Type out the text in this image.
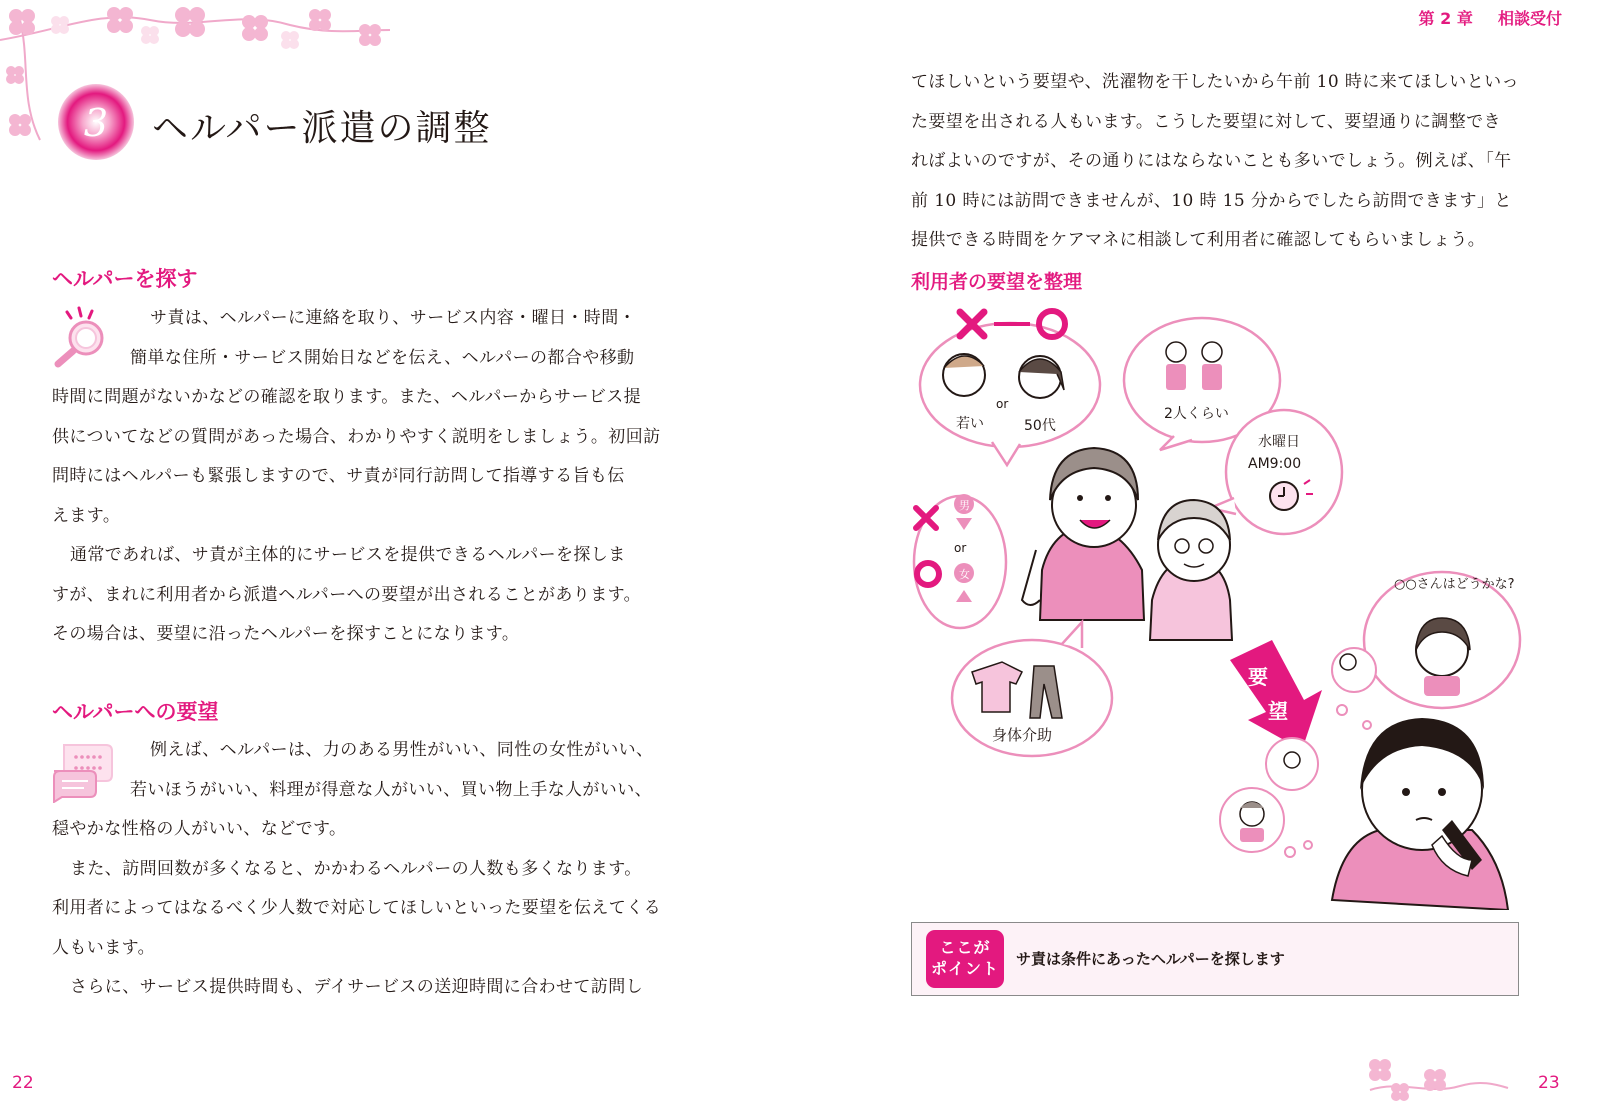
3 ヘルパー派遣の調整
ヘルパーを探す
サ責は、ヘルパーに連絡を取り、サービス内容・曜日・時間・
簡単な住所・サービス開始日などを伝え、ヘルパーの都合や移動
時間に問題がないかなどの確認を取ります。また、ヘルパーからサービス提
供についてなどの質問があった場合、わかりやすく説明をしましょう。初回訪
問時にはヘルパーも緊張しますので、サ責が同行訪問して指導する旨も伝
えます。
通常であれば、サ責が主体的にサービスを提供できるヘルパーを探しま
すが、まれに利用者から派遣ヘルパーへの要望が出されることがあります。
その場合は、要望に沿ったヘルパーを探すことになります。
ヘルパーへの要望
例えば、ヘルパーは、力のある男性がいい、同性の女性がいい、
若いほうがいい、料理が得意な人がいい、買い物上手な人がいい、
穏やかな性格の人がいい、などです。
また、訪問回数が多くなると、かかわるヘルパーの人数も多くなります。
利用者によってはなるべく少人数で対応してほしいといった要望を伝えてくる
人もいます。
さらに、サービス提供時間も、デイサービスの送迎時間に合わせて訪問し
22
第 2 章 相談受付
てほしいという要望や、洗濯物を干したいから午前 10 時に来てほしいといっ
た要望を出される人もいます。こうした要望に対して、要望通りに調整でき
ればよいのですが、その通りにはならないことも多いでしょう。例えば、「午
前 10 時には訪問できませんが、10 時 15 分からでしたら訪問できます」と
提供できる時間をケアマネに相談して利用者に確認してもらいましょう。
利用者の要望を整理
若い
or
50代
2人くらい
水曜日
AM9:00
男
or
女
身体介助
要
望
○○さんはどうかな?
ここが
ポイント	サ責は条件にあったヘルパーを探します
23
